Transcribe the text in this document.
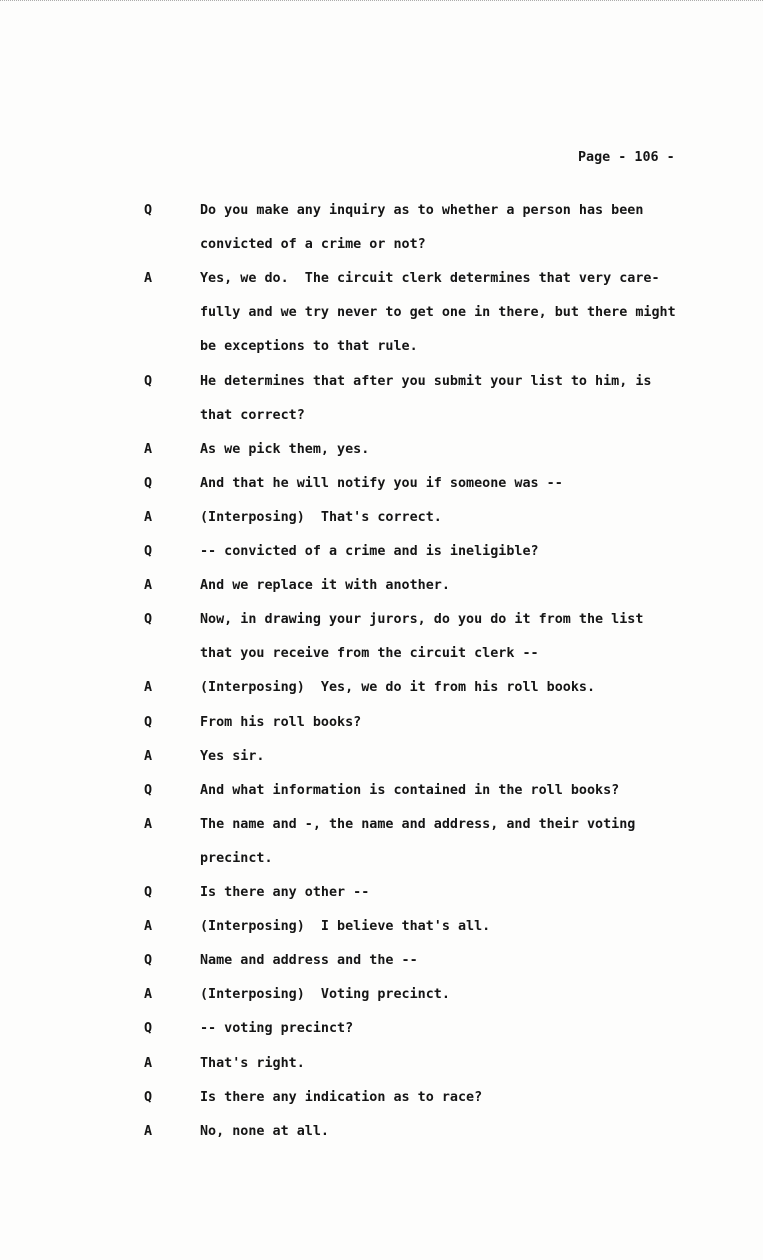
Page - 106 -
Q	Do you make any inquiry as to whether a person has been
convicted of a crime or not?
A	Yes, we do.  The circuit clerk determines that very care-
fully and we try never to get one in there, but there might
be exceptions to that rule.
Q	He determines that after you submit your list to him, is
that correct?
A	As we pick them, yes.
Q	And that he will notify you if someone was --
A	(Interposing)  That's correct.
Q	-- convicted of a crime and is ineligible?
A	And we replace it with another.
Q	Now, in drawing your jurors, do you do it from the list
that you receive from the circuit clerk --
A	(Interposing)  Yes, we do it from his roll books.
Q	From his roll books?
A	Yes sir.
Q	And what information is contained in the roll books?
A	The name and -, the name and address, and their voting
precinct.
Q	Is there any other --
A	(Interposing)  I believe that's all.
Q	Name and address and the --
A	(Interposing)  Voting precinct.
Q	-- voting precinct?
A	That's right.
Q	Is there any indication as to race?
A	No, none at all.
